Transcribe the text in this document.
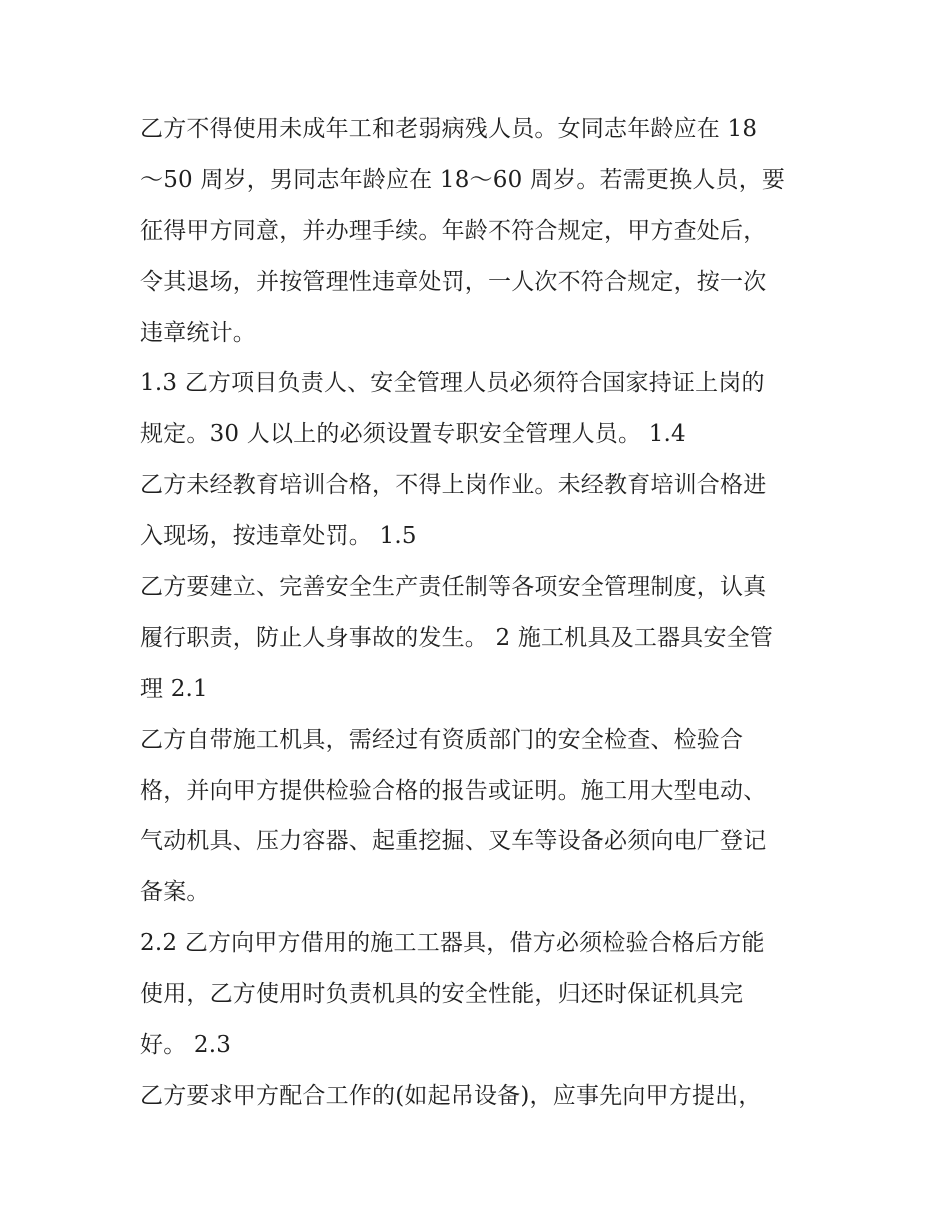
乙方不得使用未成年工和老弱病残人员。女同志年龄应在 18
～50 周岁，男同志年龄应在 18～60 周岁。若需更换人员，要
征得甲方同意，并办理手续。年龄不符合规定，甲方查处后，
令其退场，并按管理性违章处罚，一人次不符合规定，按一次
违章统计。
1.3 乙方项目负责人、安全管理人员必须符合国家持证上岗的
规定。30 人以上的必须设置专职安全管理人员。 1.4
乙方未经教育培训合格，不得上岗作业。未经教育培训合格进
入现场，按违章处罚。 1.5
乙方要建立、完善安全生产责任制等各项安全管理制度，认真
履行职责，防止人身事故的发生。 2 施工机具及工器具安全管
理 2.1
乙方自带施工机具，需经过有资质部门的安全检查、检验合
格，并向甲方提供检验合格的报告或证明。施工用大型电动、
气动机具、压力容器、起重挖掘、叉车等设备必须向电厂登记
备案。
2.2 乙方向甲方借用的施工工器具，借方必须检验合格后方能
使用，乙方使用时负责机具的安全性能，归还时保证机具完
好。 2.3
乙方要求甲方配合工作的(如起吊设备)，应事先向甲方提出，
